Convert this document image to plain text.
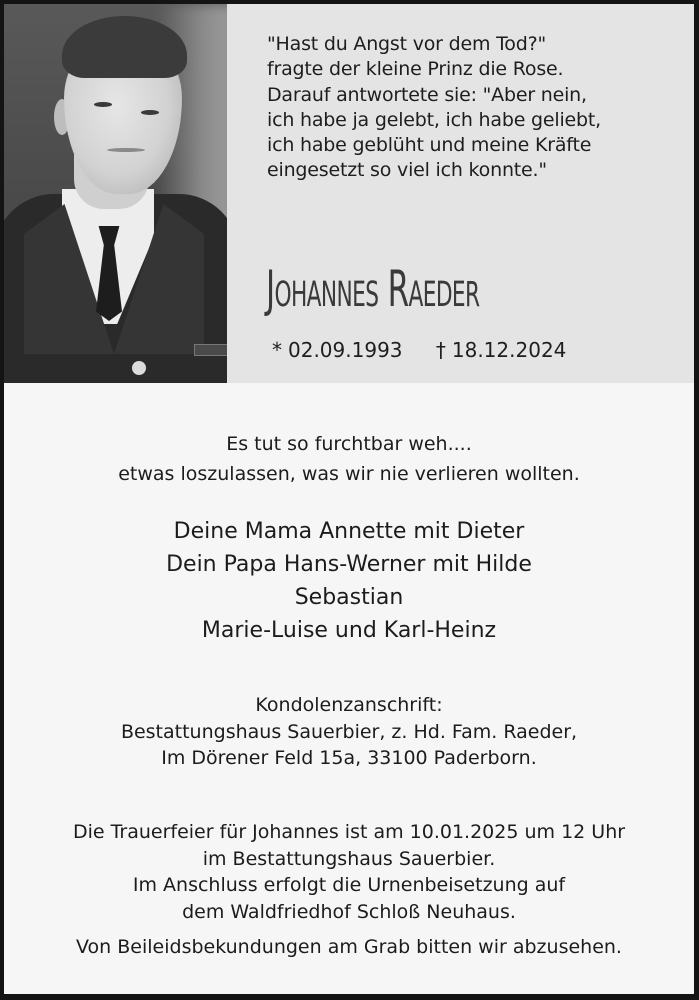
"Hast du Angst vor dem Tod?"
fragte der kleine Prinz die Rose.
Darauf antwortete sie: "Aber nein,
ich habe ja gelebt, ich habe geliebt,
ich habe geblüht und meine Kräfte
eingesetzt so viel ich konnte."
Johannes Raeder
* 02.09.1993 † 18.12.2024
Es tut so furchtbar weh....
etwas loszulassen, was wir nie verlieren wollten.
Deine Mama Annette mit Dieter
Dein Papa Hans-Werner mit Hilde
Sebastian
Marie-Luise und Karl-Heinz
Kondolenzanschrift:
Bestattungshaus Sauerbier, z. Hd. Fam. Raeder,
Im Dörener Feld 15a, 33100 Paderborn.
Die Trauerfeier für Johannes ist am 10.01.2025 um 12 Uhr
im Bestattungshaus Sauerbier.
Im Anschluss erfolgt die Urnenbeisetzung auf
dem Waldfriedhof Schloß Neuhaus.
Von Beileidsbekundungen am Grab bitten wir abzusehen.
